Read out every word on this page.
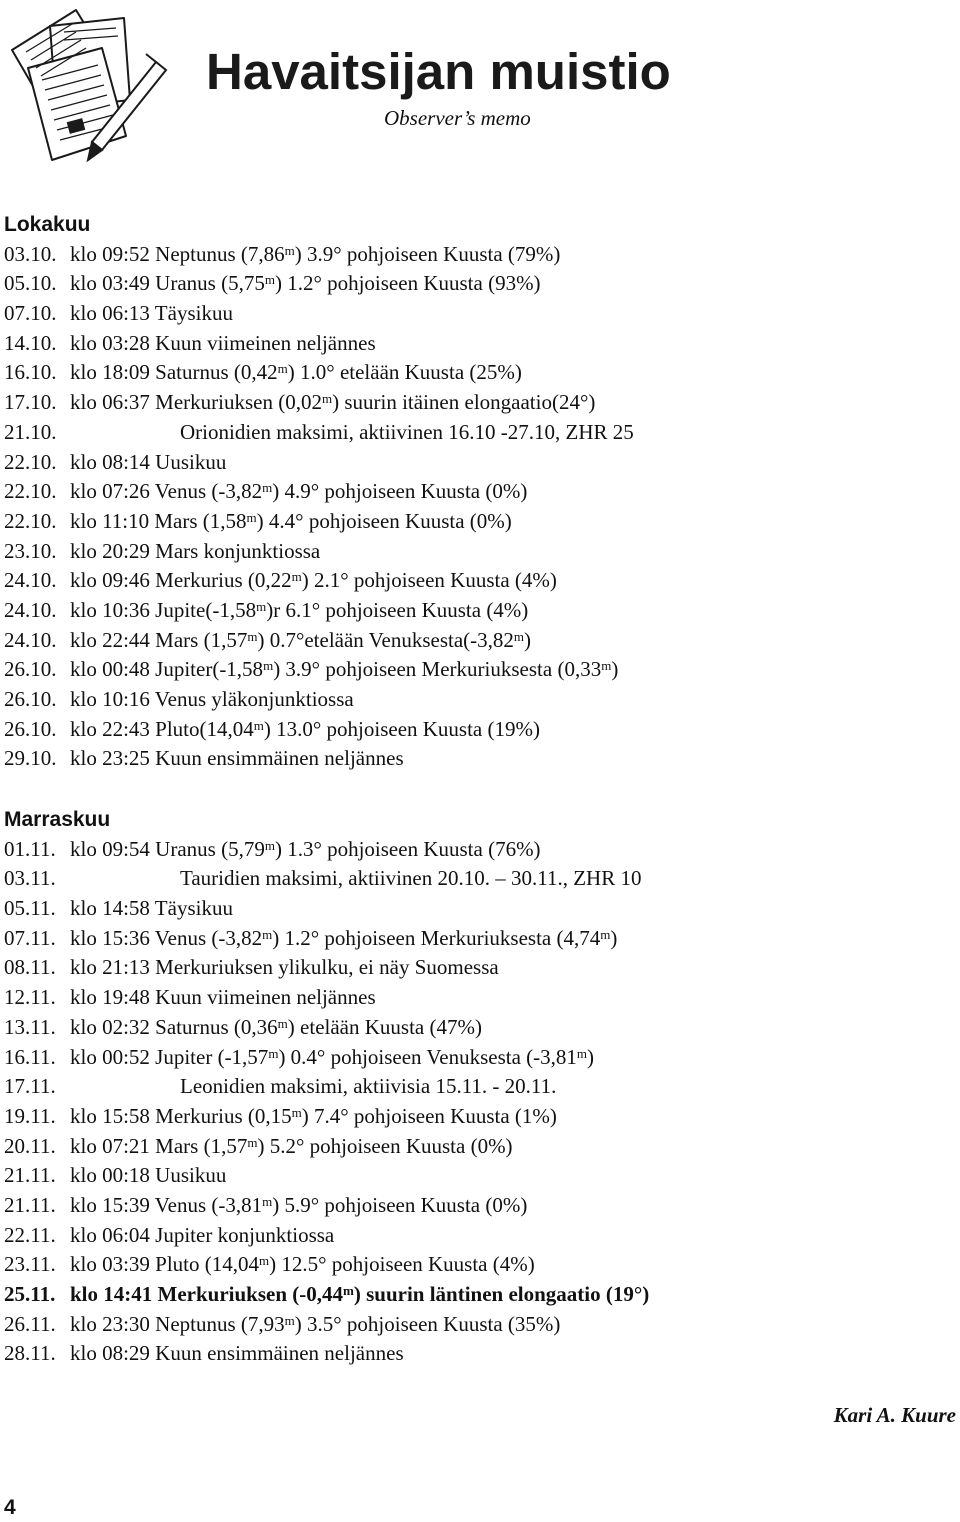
Havaitsijan muistio
Observer’s memo
Lokakuu
03.10. klo 09:52 Neptunus (7,86$^m$) 3.9° pohjoiseen Kuusta (79%)
05.10. klo 03:49 Uranus (5,75$^m$) 1.2° pohjoiseen Kuusta (93%)
07.10. klo 06:13 Täysikuu
14.10. klo 03:28 Kuun viimeinen neljännes
16.10. klo 18:09 Saturnus (0,42$^m$) 1.0° etelään Kuusta (25%)
17.10. klo 06:37 Merkuriuksen (0,02$^m$) suurin itäinen elongaatio(24°)
21.10.	Orionidien maksimi, aktiivinen 16.10 -27.10, ZHR 25
22.10. klo 08:14 Uusikuu
22.10. klo 07:26 Venus (-3,82$^m$) 4.9° pohjoiseen Kuusta (0%)
22.10. klo 11:10 Mars (1,58$^m$) 4.4° pohjoiseen Kuusta (0%)
23.10. klo 20:29 Mars konjunktiossa
24.10. klo 09:46 Merkurius (0,22$^m$) 2.1° pohjoiseen Kuusta (4%)
24.10. klo 10:36 Jupite(-1,58$^m$)r 6.1° pohjoiseen Kuusta (4%)
24.10. klo 22:44 Mars (1,57$^m$) 0.7°etelään Venuksesta(-3,82$^m$)
26.10. klo 00:48 Jupiter(-1,58$^m$) 3.9° pohjoiseen Merkuriuksesta (0,33$^m$)
26.10. klo 10:16 Venus yläkonjunktiossa
26.10. klo 22:43 Pluto(14,04$^m$) 13.0° pohjoiseen Kuusta (19%)
29.10. klo 23:25 Kuun ensimmäinen neljännes
Marraskuu
01.11. klo 09:54 Uranus (5,79$^m$) 1.3° pohjoiseen Kuusta (76%)
03.11.	Tauridien maksimi, aktiivinen 20.10. – 30.11., ZHR 10
05.11. klo 14:58 Täysikuu
07.11. klo 15:36 Venus (-3,82$^m$) 1.2° pohjoiseen Merkuriuksesta (4,74$^m$)
08.11. klo 21:13 Merkuriuksen ylikulku, ei näy Suomessa
12.11. klo 19:48 Kuun viimeinen neljännes
13.11. klo 02:32 Saturnus (0,36$^m$) etelään Kuusta (47%)
16.11. klo 00:52 Jupiter (-1,57$^m$) 0.4° pohjoiseen Venuksesta (-3,81$^m$)
17.11.	Leonidien maksimi, aktiivisia 15.11. - 20.11.
19.11. klo 15:58 Merkurius (0,15$^m$) 7.4° pohjoiseen Kuusta (1%)
20.11. klo 07:21 Mars (1,57$^m$) 5.2° pohjoiseen Kuusta (0%)
21.11. klo 00:18 Uusikuu
21.11. klo 15:39 Venus (-3,81$^m$) 5.9° pohjoiseen Kuusta (0%)
22.11. klo 06:04 Jupiter konjunktiossa
23.11. klo 03:39 Pluto (14,04$^m$) 12.5° pohjoiseen Kuusta (4%)
25.11. klo 14:41 Merkuriuksen (-0,44$^m$) suurin läntinen elongaatio (19°)
26.11. klo 23:30 Neptunus (7,93$^m$) 3.5° pohjoiseen Kuusta (35%)
28.11. klo 08:29 Kuun ensimmäinen neljännes
Kari A. Kuure
4
